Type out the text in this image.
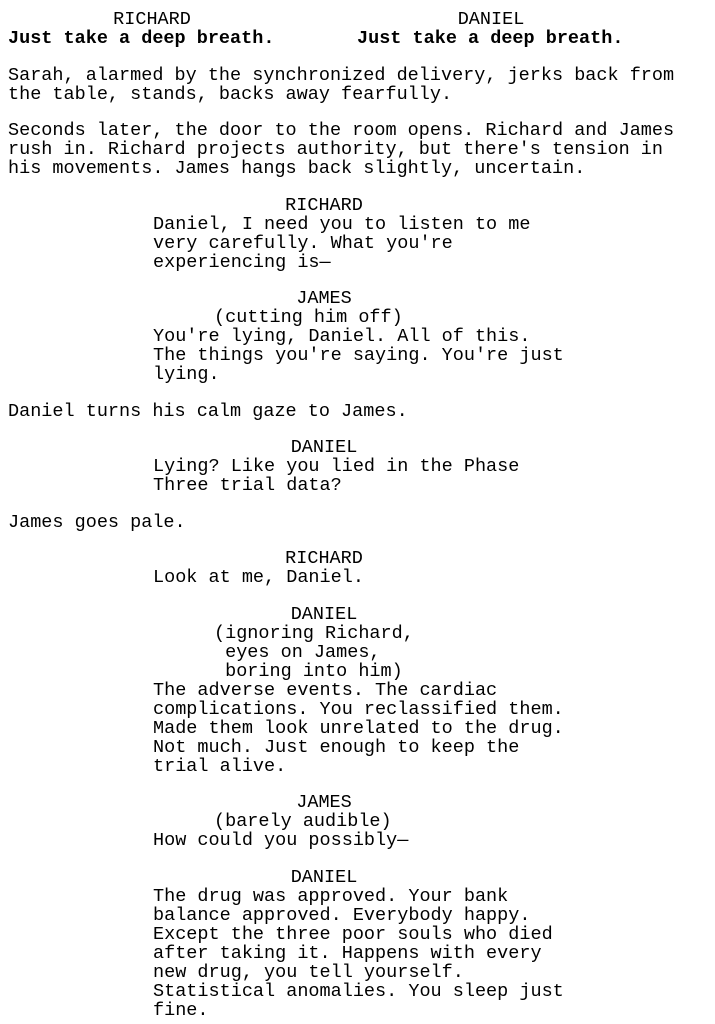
RICHARD
Just take a deep breath.
DANIEL
Just take a deep breath.
Sarah, alarmed by the synchronized delivery, jerks back from
the table, stands, backs away fearfully.
Seconds later, the door to the room opens. Richard and James
rush in. Richard projects authority, but there's tension in
his movements. James hangs back slightly, uncertain.
RICHARD
Daniel, I need you to listen to me
very carefully. What you're
experiencing is—
JAMES
(cutting him off)
You're lying, Daniel. All of this.
The things you're saying. You're just
lying.
Daniel turns his calm gaze to James.
DANIEL
Lying? Like you lied in the Phase
Three trial data?
James goes pale.
RICHARD
Look at me, Daniel.
DANIEL
(ignoring Richard,
eyes on James,
boring into him)
The adverse events. The cardiac
complications. You reclassified them.
Made them look unrelated to the drug.
Not much. Just enough to keep the
trial alive.
JAMES
(barely audible)
How could you possibly—
DANIEL
The drug was approved. Your bank
balance approved. Everybody happy.
Except the three poor souls who died
after taking it. Happens with every
new drug, you tell yourself.
Statistical anomalies. You sleep just
fine.
